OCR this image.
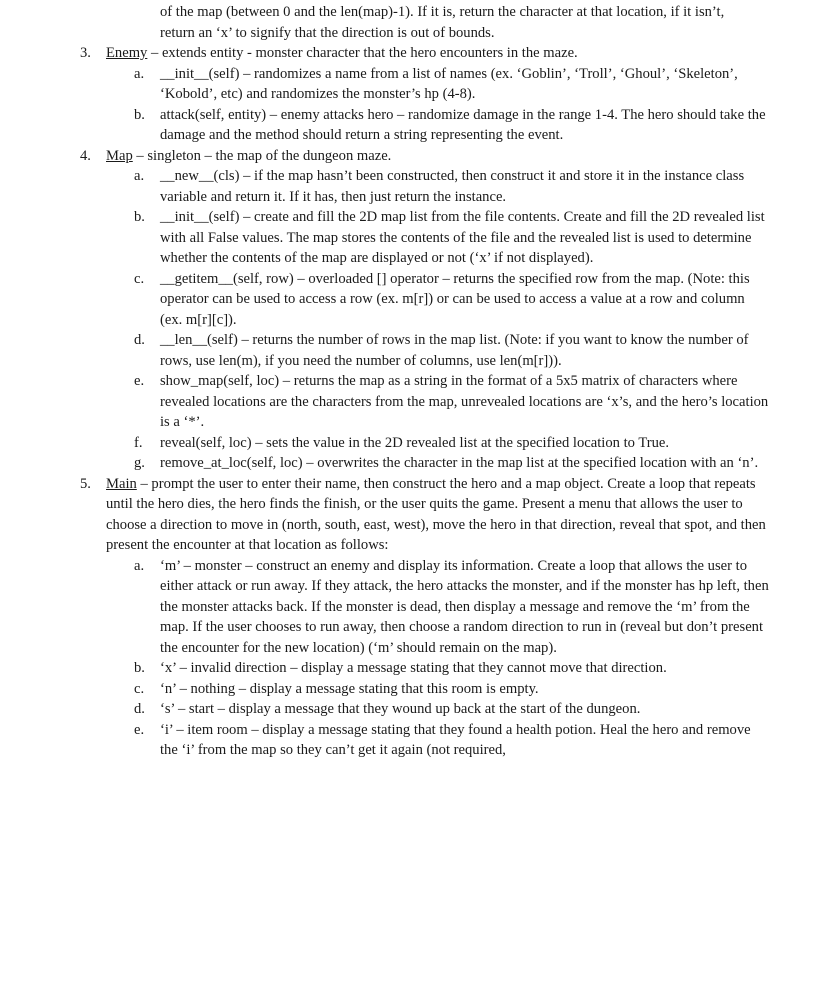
of the map (between 0 and the len(map)-1). If it is, return the character at that location, if it isn’t, return an ‘x’ to signify that the direction is out of bounds.
3.	Enemy – extends entity - monster character that the hero encounters in the maze.
a.	__init__(self) – randomizes a name from a list of names (ex. ‘Goblin’, ‘Troll’, ‘Ghoul’, ‘Skeleton’, ‘Kobold’, etc) and randomizes the monster’s hp (4-8).
b.	attack(self, entity) – enemy attacks hero – randomize damage in the range 1-4. The hero should take the damage and the method should return a string representing the event.
4.	Map – singleton – the map of the dungeon maze.
a.	__new__(cls) – if the map hasn’t been constructed, then construct it and store it in the instance class variable and return it. If it has, then just return the instance.
b.	__init__(self) – create and fill the 2D map list from the file contents. Create and fill the 2D revealed list with all False values. The map stores the contents of the file and the revealed list is used to determine whether the contents of the map are displayed or not (‘x’ if not displayed).
c.	__getitem__(self, row) – overloaded [] operator – returns the specified row from the map. (Note: this operator can be used to access a row (ex. m[r]) or can be used to access a value at a row and column (ex. m[r][c]).
d.	__len__(self) – returns the number of rows in the map list. (Note: if you want to know the number of rows, use len(m), if you need the number of columns, use len(m[r])).
e.	show_map(self, loc) – returns the map as a string in the format of a 5x5 matrix of characters where revealed locations are the characters from the map, unrevealed locations are ‘x’s, and the hero’s location is a ‘*’.
f.	reveal(self, loc) – sets the value in the 2D revealed list at the specified location to True.
g.	remove_at_loc(self, loc) – overwrites the character in the map list at the specified location with an ‘n’.
5.	Main – prompt the user to enter their name, then construct the hero and a map object. Create a loop that repeats until the hero dies, the hero finds the finish, or the user quits the game. Present a menu that allows the user to choose a direction to move in (north, south, east, west), move the hero in that direction, reveal that spot, and then present the encounter at that location as follows:
a.	‘m’ – monster – construct an enemy and display its information. Create a loop that allows the user to either attack or run away. If they attack, the hero attacks the monster, and if the monster has hp left, then the monster attacks back. If the monster is dead, then display a message and remove the ‘m’ from the map. If the user chooses to run away, then choose a random direction to run in (reveal but don’t present the encounter for the new location) (‘m’ should remain on the map).
b.	‘x’ – invalid direction – display a message stating that they cannot move that direction.
c.	‘n’ – nothing – display a message stating that this room is empty.
d.	‘s’ – start – display a message that they wound up back at the start of the dungeon.
e.	‘i’ – item room – display a message stating that they found a health potion. Heal the hero and remove the ‘i’ from the map so they can’t get it again (not required,
